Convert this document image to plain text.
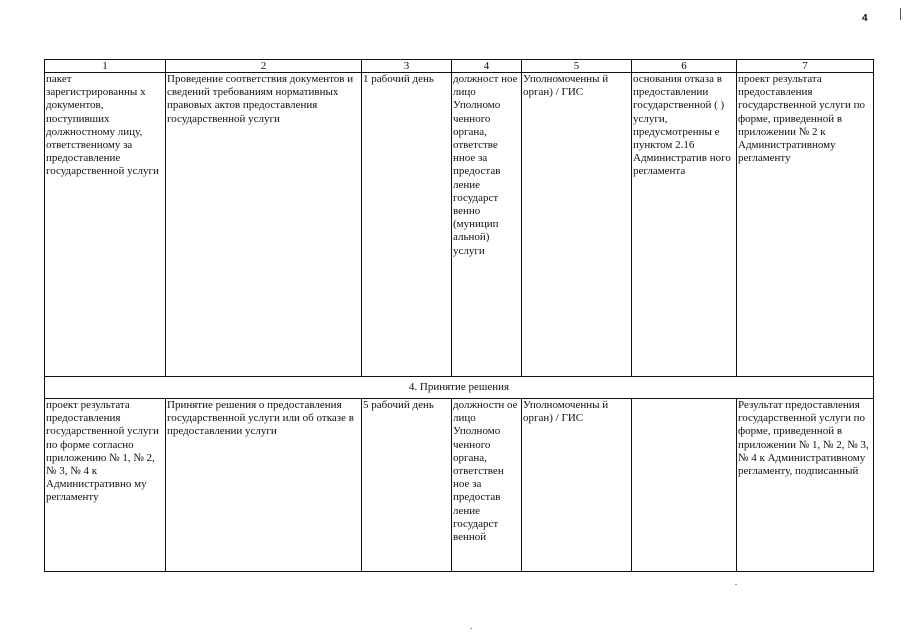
4
1	2	3	4	5	6	7
пакет зарегистрированны х документов, поступивших должностному лицу, ответственному за предоставление государственной услуги	Проведение соответствия документов и сведений требованиям нормативных правовых актов предоставления государственной услуги	1 рабочий день	должност ное лицо Уполномо ченного органа, ответстве нное за предостав ление государст венно (муницип альной) услуги	Уполномоченны й орган) / ГИС	основания отказа в предоставлении государственной ( ) услуги, предусмотренны е пунктом 2.16 Административ ного регламента	проект результата предоставления государственной услуги по форме, приведенной в приложении № 2 к Административному регламенту
4. Принятие решения						
проект результата предоставления государственной услуги по форме согласно приложению № 1, № 2, № 3, № 4 к Административно му регламенту	Принятие решения о предоставления государственной услуги или об отказе в предоставлении услуги	5 рабочий день	должностн ое лицо Уполномо ченного органа, ответствен ное за предостав ление государст венной	Уполномоченны й орган) / ГИС		Результат предоставления государственной услуги по форме, приведенной в приложении № 1, № 2, № 3, № 4 к Административному регламенту, подписанный
